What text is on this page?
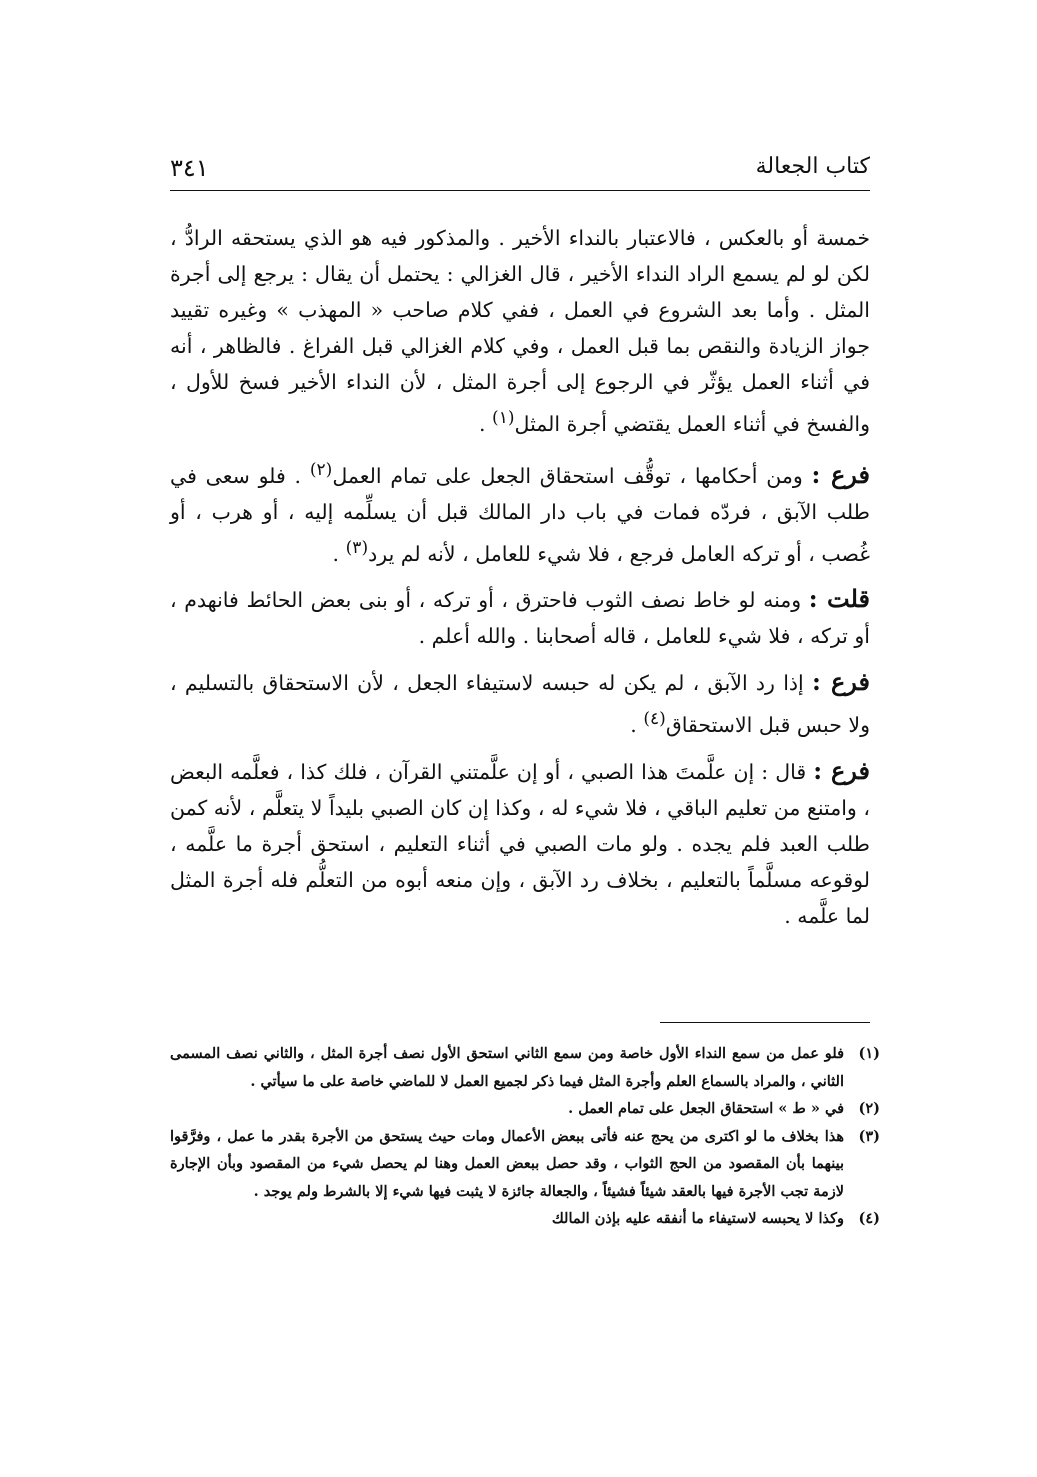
كتاب الجعالة
٣٤١

خمسة أو بالعكس ، فالاعتبار بالنداء الأخير . والمذكور فيه هو الذي يستحقه الرادُّ ، لكن لو لم يسمع الراد النداء الأخير ، قال الغزالي : يحتمل أن يقال : يرجع إلى أجرة المثل . وأما بعد الشروع في العمل ، ففي كلام صاحب « المهذب » وغيره تقييد جواز الزيادة والنقص بما قبل العمل ، وفي كلام الغزالي قبل الفراغ . فالظاهر ، أنه في أثناء العمل يؤثّر في الرجوع إلى أجرة المثل ، لأن النداء الأخير فسخ للأول ، والفسخ في أثناء العمل يقتضي أجرة المثل$^{(١)}$ .

فرع : ومن أحكامها ، توقُّف استحقاق الجعل على تمام العمل$^{(٢)}$ . فلو سعى في طلب الآبق ، فردّه فمات في باب دار المالك قبل أن يسلِّمه إليه ، أو هرب ، أو غُصب ، أو تركه العامل فرجع ، فلا شيء للعامل ، لأنه لم يرد$^{(٣)}$ .

قلت : ومنه لو خاط نصف الثوب فاحترق ، أو تركه ، أو بنى بعض الحائط فانهدم ، أو تركه ، فلا شيء للعامل ، قاله أصحابنا . والله أعلم .

فرع : إذا رد الآبق ، لم يكن له حبسه لاستيفاء الجعل ، لأن الاستحقاق بالتسليم ، ولا حبس قبل الاستحقاق$^{(٤)}$ .

فرع : قال : إن علَّمتَ هذا الصبي ، أو إن علَّمتني القرآن ، فلك كذا ، فعلَّمه البعض ، وامتنع من تعليم الباقي ، فلا شيء له ، وكذا إن كان الصبي بليداً لا يتعلَّم ، لأنه كمن طلب العبد فلم يجده . ولو مات الصبي في أثناء التعليم ، استحق أجرة ما علَّمه ، لوقوعه مسلَّماً بالتعليم ، بخلاف رد الآبق ، وإن منعه أبوه من التعلُّم فله أجرة المثل لما علَّمه .

(١)
فلو عمل من سمع النداء الأول خاصة ومن سمع الثاني استحق الأول نصف أجرة المثل ، والثاني نصف المسمى الثاني ، والمراد بالسماع العلم وأجرة المثل فيما ذكر لجميع العمل لا للماضي خاصة على ما سيأتي .
(٢)
في « ط » استحقاق الجعل على تمام العمل .
(٣)
هذا بخلاف ما لو اكترى من يحج عنه فأتى ببعض الأعمال ومات حيث يستحق من الأجرة بقدر ما عمل ، وفرَّقوا بينهما بأن المقصود من الحج الثواب ، وقد حصل ببعض العمل وهنا لم يحصل شيء من المقصود وبأن الإجارة لازمة تجب الأجرة فيها بالعقد شيئاً فشيئاً ، والجعالة جائزة لا يثبت فيها شيء إلا بالشرط ولم يوجد .
(٤)
وكذا لا يحبسه لاستيفاء ما أنفقه عليه بإذن المالك
